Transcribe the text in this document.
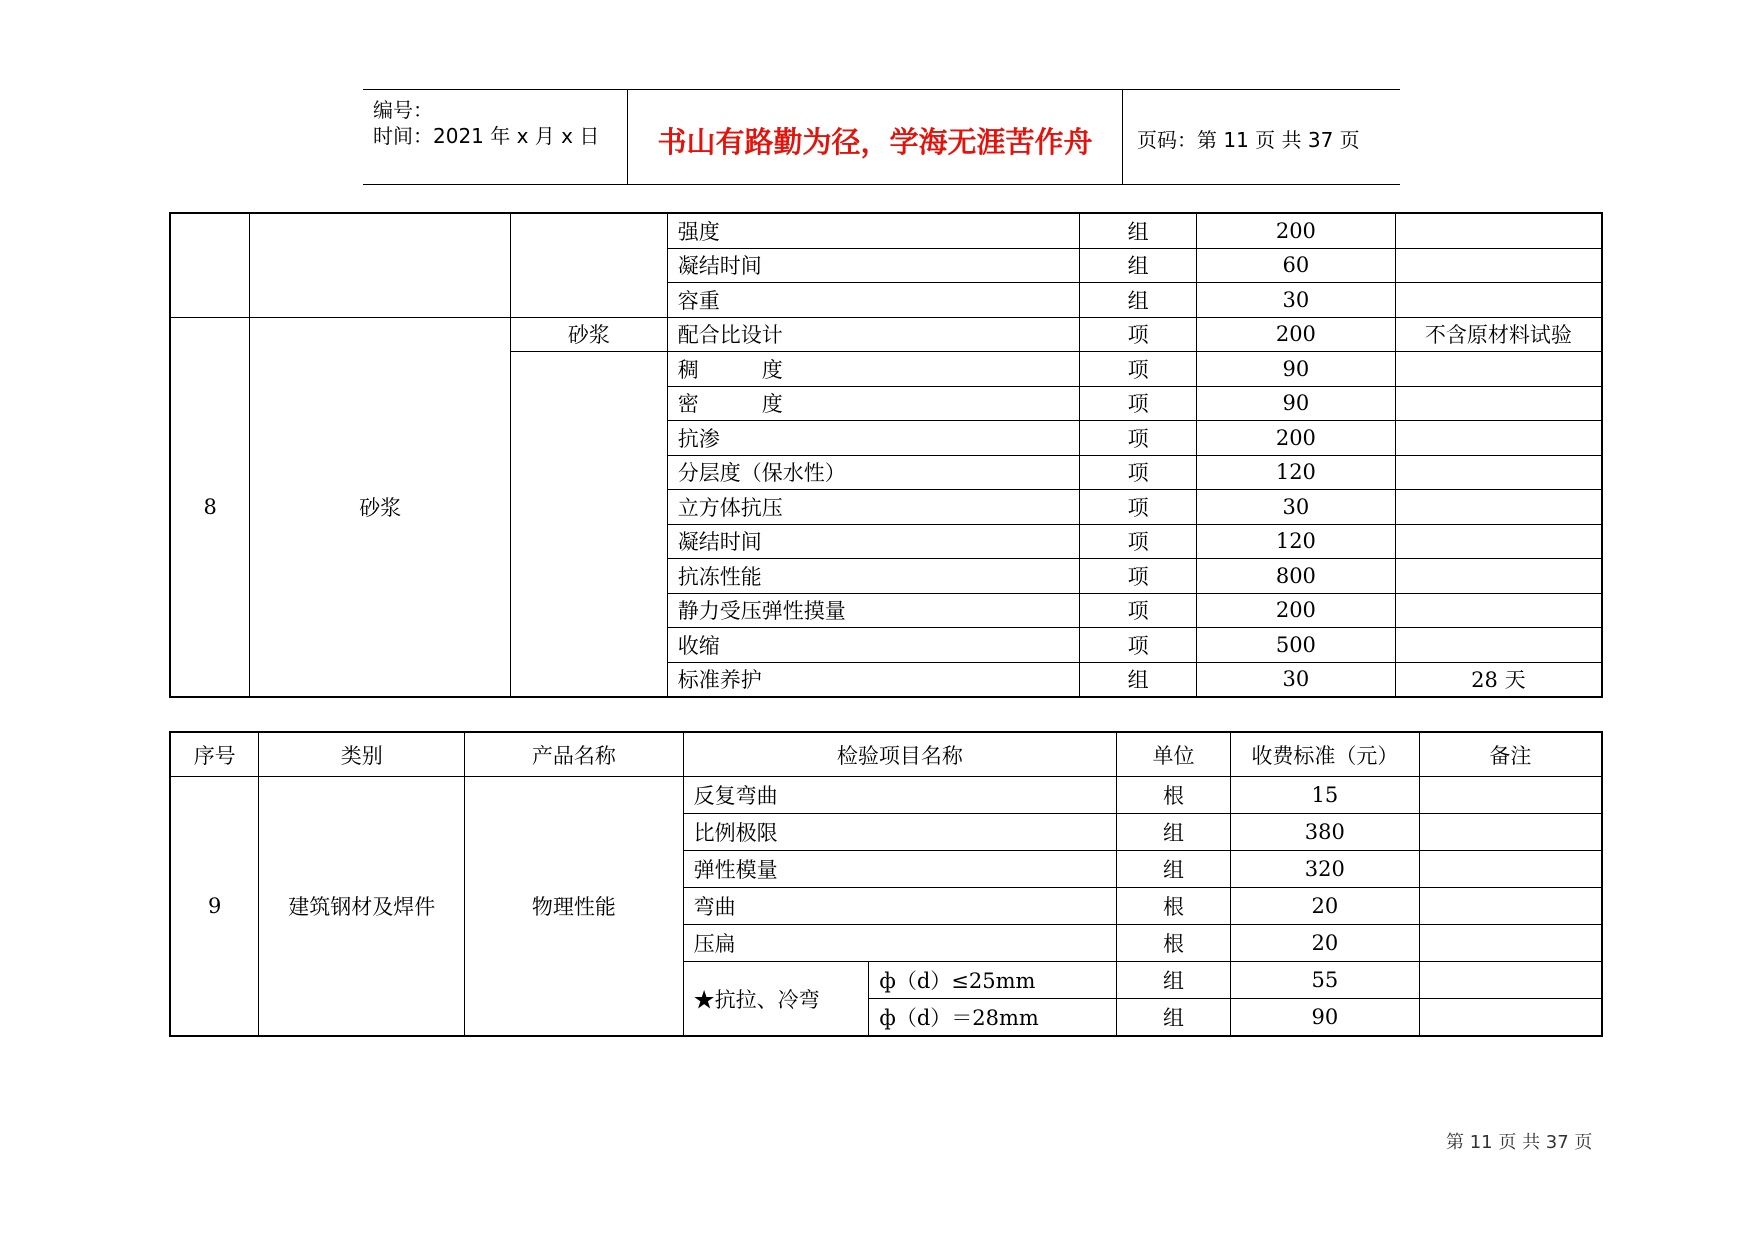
编号：
时间：2021 年 x 月 x 日	书山有路勤为径，学海无涯苦作舟	页码：第 11 页 共 37 页
			强度	组	200	
			凝结时间	组	60	
			容重	组	30	
8	砂浆	砂浆	配合比设计	项	200	不含原材料试验
			稠　　　度	项	90	
			密　　　度	项	90	
			抗渗	项	200	
			分层度（保水性）	项	120	
			立方体抗压	项	30	
			凝结时间	项	120	
			抗冻性能	项	800	
			静力受压弹性摸量	项	200	
			收缩	项	500	
			标准养护	组	30	28 天
序号	类别	产品名称	检验项目名称		单位	收费标准（元）	备注
9	建筑钢材及焊件	物理性能	反复弯曲		根	15	
			比例极限		组	380	
			弹性模量		组	320	
			弯曲		根	20	
			压扁		根	20	
			★抗拉、冷弯	ф（d）≤25mm	组	55	
				ф（d）＝28mm	组	90	
第 11 页 共 37 页
